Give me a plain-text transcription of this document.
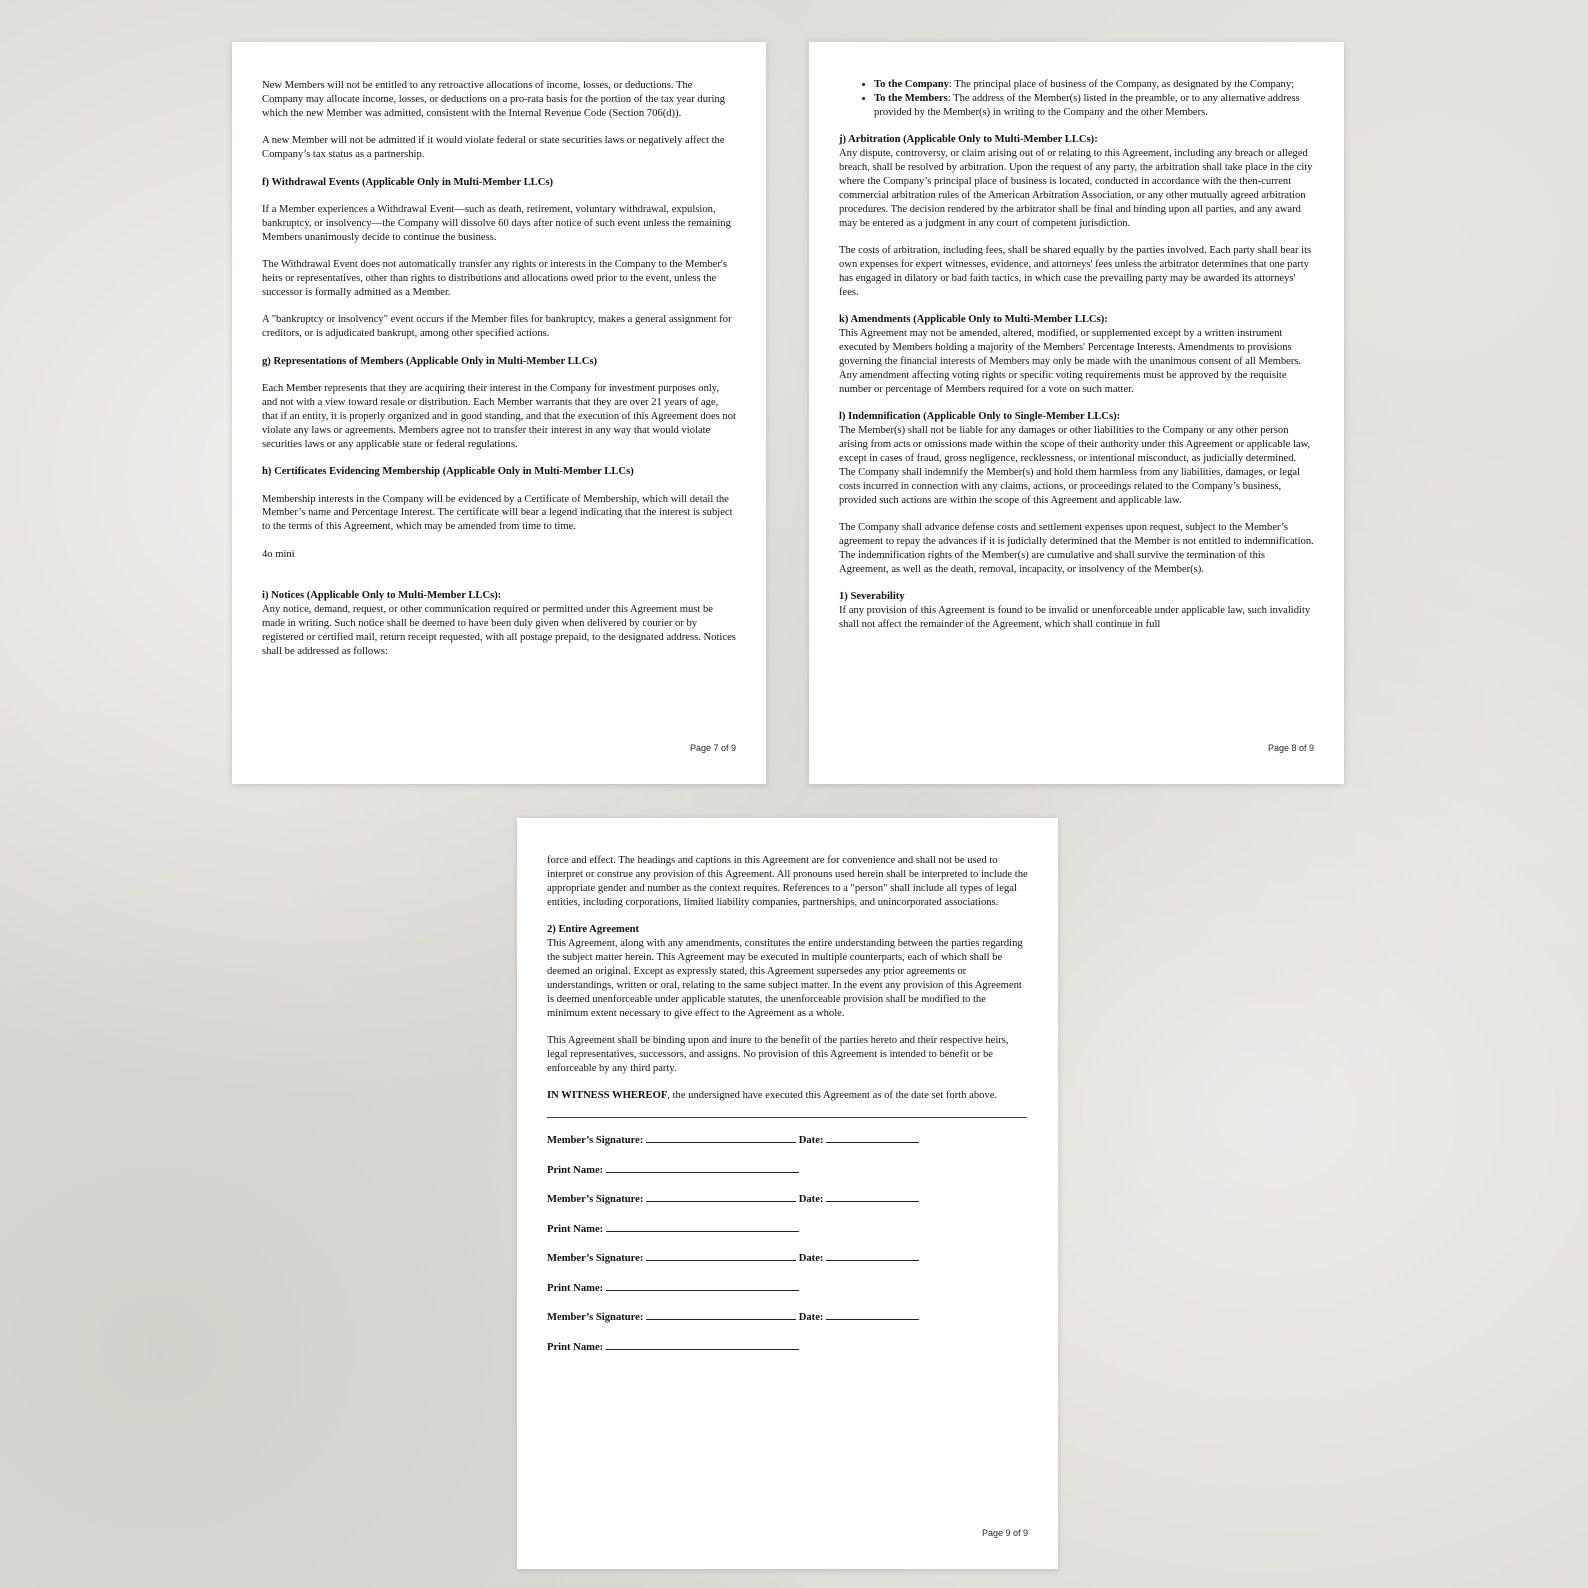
New Members will not be entitled to any retroactive allocations of income, losses, or deductions. The Company may allocate income, losses, or deductions on a pro-rata basis for the portion of the tax year during which the new Member was admitted, consistent with the Internal Revenue Code (Section 706(d)).

A new Member will not be admitted if it would violate federal or state securities laws or negatively affect the Company’s tax status as a partnership.

f) Withdrawal Events (Applicable Only in Multi-Member LLCs)

If a Member experiences a Withdrawal Event—such as death, retirement, voluntary withdrawal, expulsion, bankruptcy, or insolvency—the Company will dissolve 60 days after notice of such event unless the remaining Members unanimously decide to continue the business.

The Withdrawal Event does not automatically transfer any rights or interests in the Company to the Member's heirs or representatives, other than rights to distributions and allocations owed prior to the event, unless the successor is formally admitted as a Member.

A "bankruptcy or insolvency" event occurs if the Member files for bankruptcy, makes a general assignment for creditors, or is adjudicated bankrupt, among other specified actions.

g) Representations of Members (Applicable Only in Multi-Member LLCs)

Each Member represents that they are acquiring their interest in the Company for investment purposes only, and not with a view toward resale or distribution. Each Member warrants that they are over 21 years of age, that if an entity, it is properly organized and in good standing, and that the execution of this Agreement does not violate any laws or agreements. Members agree not to transfer their interest in any way that would violate securities laws or any applicable state or federal regulations.

h) Certificates Evidencing Membership (Applicable Only in Multi-Member LLCs)

Membership interests in the Company will be evidenced by a Certificate of Membership, which will detail the Member’s name and Percentage Interest. The certificate will bear a legend indicating that the interest is subject to the terms of this Agreement, which may be amended from time to time.

4o mini

i) Notices (Applicable Only to Multi-Member LLCs):

Any notice, demand, request, or other communication required or permitted under this Agreement must be made in writing. Such notice shall be deemed to have been duly given when delivered by courier or by registered or certified mail, return receipt requested, with all postage prepaid, to the designated address. Notices shall be addressed as follows:

Page 7 of 9
• To the Company: The principal place of business of the Company, as designated by the Company;
• To the Members: The address of the Member(s) listed in the preamble, or to any alternative address provided by the Member(s) in writing to the Company and the other Members.

j) Arbitration (Applicable Only to Multi-Member LLCs):

Any dispute, controversy, or claim arising out of or relating to this Agreement, including any breach or alleged breach, shall be resolved by arbitration. Upon the request of any party, the arbitration shall take place in the city where the Company’s principal place of business is located, conducted in accordance with the then-current commercial arbitration rules of the American Arbitration Association, or any other mutually agreed arbitration procedures. The decision rendered by the arbitrator shall be final and binding upon all parties, and any award may be entered as a judgment in any court of competent jurisdiction.

The costs of arbitration, including fees, shall be shared equally by the parties involved. Each party shall bear its own expenses for expert witnesses, evidence, and attorneys' fees unless the arbitrator determines that one party has engaged in dilatory or bad faith tactics, in which case the prevailing party may be awarded its attorneys' fees.

k) Amendments (Applicable Only to Multi-Member LLCs):

This Agreement may not be amended, altered, modified, or supplemented except by a written instrument executed by Members holding a majority of the Members' Percentage Interests. Amendments to provisions governing the financial interests of Members may only be made with the unanimous consent of all Members. Any amendment affecting voting rights or specific voting requirements must be approved by the requisite number or percentage of Members required for a vote on such matter.

l) Indemnification (Applicable Only to Single-Member LLCs):

The Member(s) shall not be liable for any damages or other liabilities to the Company or any other person arising from acts or omissions made within the scope of their authority under this Agreement or applicable law, except in cases of fraud, gross negligence, recklessness, or intentional misconduct, as judicially determined. The Company shall indemnify the Member(s) and hold them harmless from any liabilities, damages, or legal costs incurred in connection with any claims, actions, or proceedings related to the Company’s business, provided such actions are within the scope of this Agreement and applicable law.

The Company shall advance defense costs and settlement expenses upon request, subject to the Member’s agreement to repay the advances if it is judicially determined that the Member is not entitled to indemnification. The indemnification rights of the Member(s) are cumulative and shall survive the termination of this Agreement, as well as the death, removal, incapacity, or insolvency of the Member(s).

1) Severability

If any provision of this Agreement is found to be invalid or unenforceable under applicable law, such invalidity shall not affect the remainder of the Agreement, which shall continue in full

Page 8 of 9

force and effect. The headings and captions in this Agreement are for convenience and shall not be used to interpret or construe any provision of this Agreement. All pronouns used herein shall be interpreted to include the appropriate gender and number as the context requires. References to a "person" shall include all types of legal entities, including corporations, limited liability companies, partnerships, and unincorporated associations.

2) Entire Agreement

This Agreement, along with any amendments, constitutes the entire understanding between the parties regarding the subject matter herein. This Agreement may be executed in multiple counterparts, each of which shall be deemed an original. Except as expressly stated, this Agreement supersedes any prior agreements or understandings, written or oral, relating to the same subject matter. In the event any provision of this Agreement is deemed unenforceable under applicable statutes, the unenforceable provision shall be modified to the minimum extent necessary to give effect to the Agreement as a whole.

This Agreement shall be binding upon and inure to the benefit of the parties hereto and their respective heirs, legal representatives, successors, and assigns. No provision of this Agreement is intended to benefit or be enforceable by any third party.

IN WITNESS WHEREOF, the undersigned have executed this Agreement as of the date set forth above.

Member’s Signature:	Date:
Print Name:
Member’s Signature:	Date:
Print Name:
Member’s Signature:	Date:
Print Name:
Member’s Signature:	Date:
Print Name:
Page 9 of 9
